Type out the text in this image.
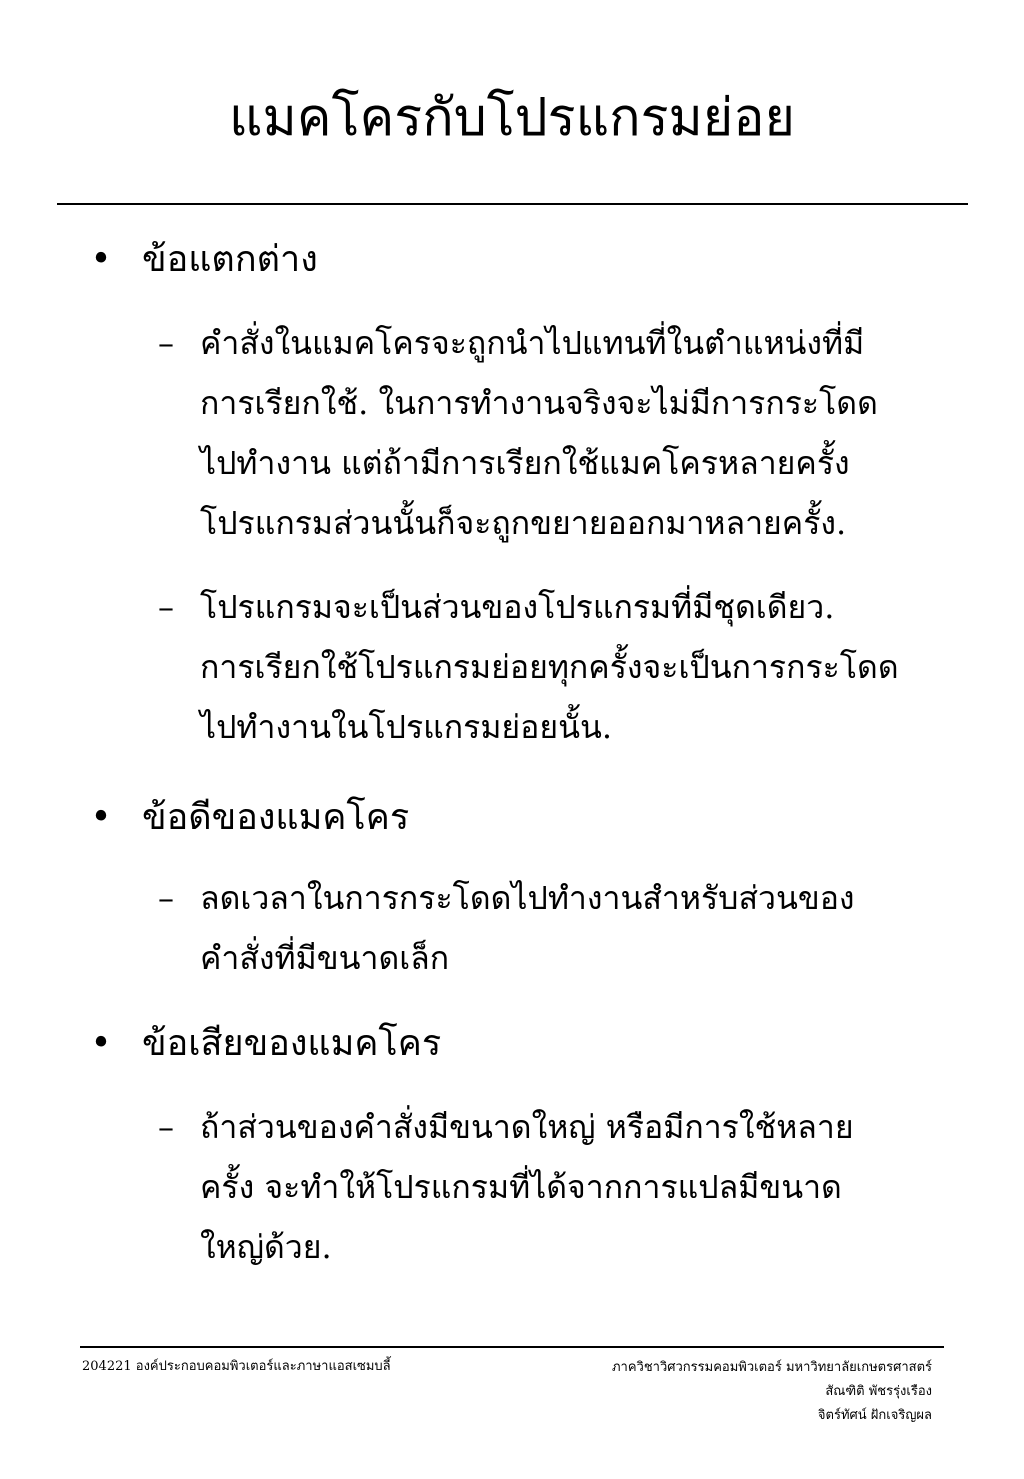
แมคโครกับโปรแกรมย่อย
• ข้อแตกต่าง
– คำสั่งในแมคโครจะถูกนำไปแทนที่ในตำแหน่งที่มี
การเรียกใช้. ในการทำงานจริงจะไม่มีการกระโดด
ไปทำงาน แต่ถ้ามีการเรียกใช้แมคโครหลายครั้ง
โปรแกรมส่วนนั้นก็จะถูกขยายออกมาหลายครั้ง.
– โปรแกรมจะเป็นส่วนของโปรแกรมที่มีชุดเดียว.
การเรียกใช้โปรแกรมย่อยทุกครั้งจะเป็นการกระโดด
ไปทำงานในโปรแกรมย่อยนั้น.
• ข้อดีของแมคโคร
– ลดเวลาในการกระโดดไปทำงานสำหรับส่วนของ
คำสั่งที่มีขนาดเล็ก
• ข้อเสียของแมคโคร
– ถ้าส่วนของคำสั่งมีขนาดใหญ่ หรือมีการใช้หลาย
ครั้ง จะทำให้โปรแกรมที่ได้จากการแปลมีขนาด
ใหญ่ด้วย.
204221 องค์ประกอบคอมพิวเตอร์และภาษาแอสเซมบลี้	ภาควิชาวิศวกรรมคอมพิวเตอร์ มหาวิทยาลัยเกษตรศาสตร์
สัณฑิติ พัชรรุ่งเรือง
จิตร์ทัศน์ ฝักเจริญผล
